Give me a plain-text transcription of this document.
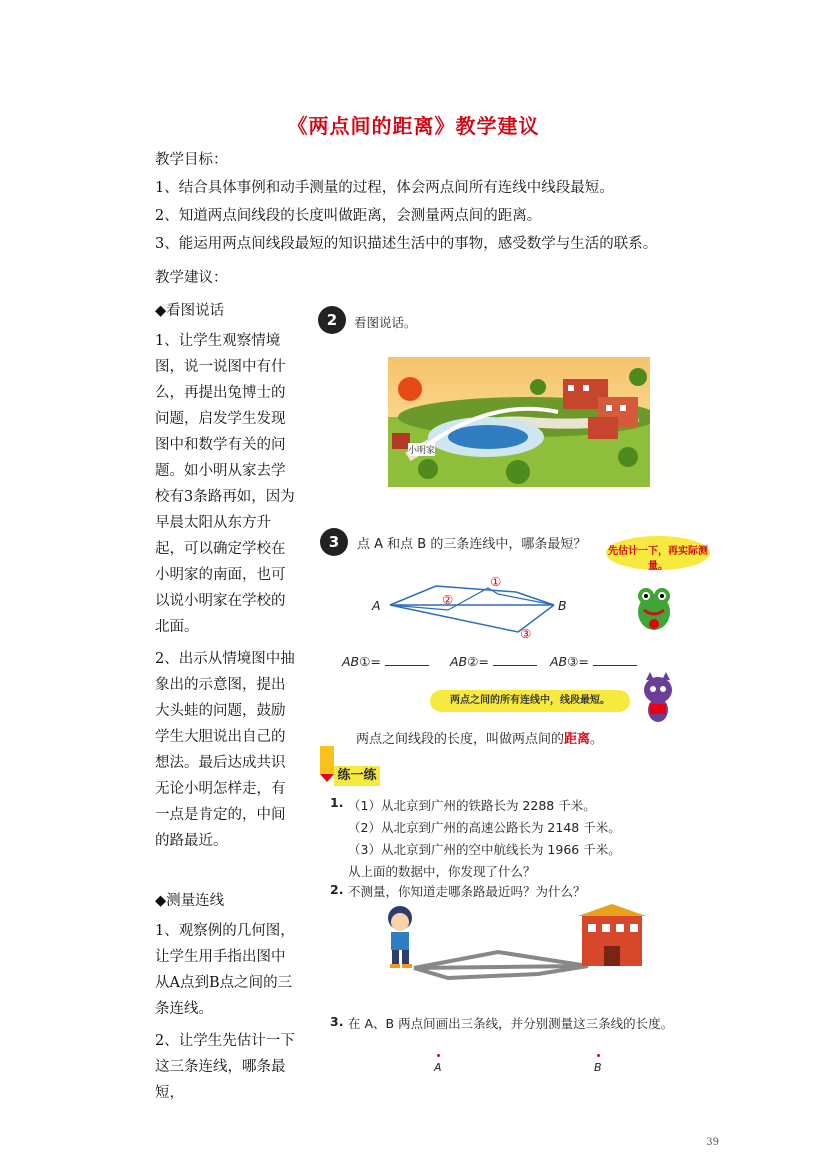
《两点间的距离》教学建议
教学目标：
1、结合具体事例和动手测量的过程，体会两点间所有连线中线段最短。
2、知道两点间线段的长度叫做距离，会测量两点间的距离。
3、能运用两点间线段最短的知识描述生活中的事物，感受数学与生活的联系。
教学建议：

◆看图说话

1、让学生观察情境图，说一说图中有什么，再提出兔博士的问题，启发学生发现图中和数学有关的问题。如小明从家去学校有3条路再如，因为早晨太阳从东方升起，可以确定学校在小明家的南面，也可以说小明家在学校的北面。

2、出示从情境图中抽象出的示意图，提出大头蛙的问题，鼓励学生大胆说出自己的想法。最后达成共识无论小明怎样走，有一点是肯定的，中间的路最近。

◆测量连线

1、观察例的几何图，让学生用手指出图中从A点到B点之间的三条连线。

2、让学生先估计一下这三条连线，哪条最短，

2	看图说话。
小明家
3	点 A 和点 B 的三条连线中，哪条最短？ 先估计一下，再实际测量。
A	B
①
②
③
AB①=	AB②=	AB③=
两点之间的所有连线中，线段最短。
两点之间线段的长度，叫做两点间的距离。
练一练
1. （1）从北京到广州的铁路长为 2288 千米。
（2）从北京到广州的高速公路长为 2148 千米。
（3）从北京到广州的空中航线长为 1966 千米。
从上面的数据中，你发现了什么？
2. 不测量，你知道走哪条路最近吗？为什么？
3. 在 A、B 两点间画出三条线，并分别测量这三条线的长度。
A	B
39
